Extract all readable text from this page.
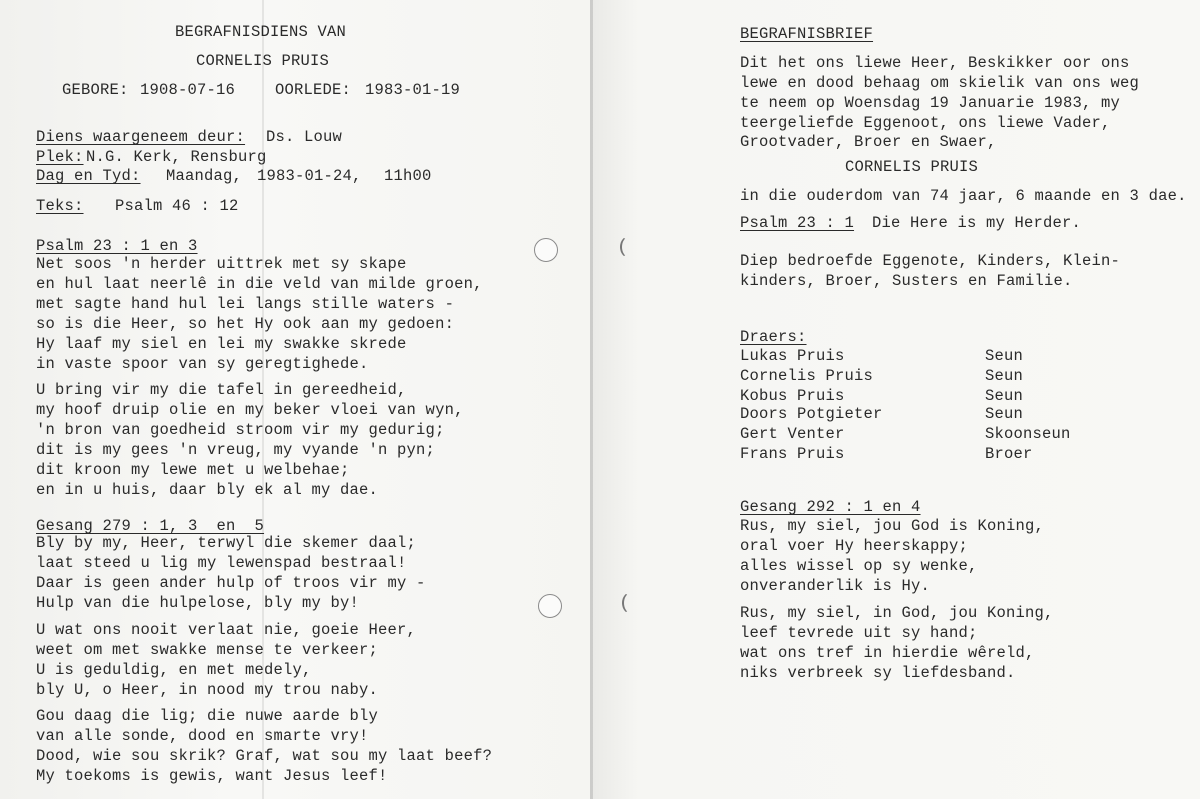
BEGRAFNISDIENS VAN
CORNELIS PRUIS
GEBORE: 1908-07-16	OORLEDE: 1983-01-19
Diens waargeneem deur: Ds. Louw
Plek: N.G. Kerk, Rensburg
Dag en Tyd: Maandag, 1983-01-24, 11h00
Teks: Psalm 46 : 12
Psalm 23 : 1 en 3
Net soos 'n herder uittrek met sy skape
en hul laat neerlê in die veld van milde groen,
met sagte hand hul lei langs stille waters -
so is die Heer, so het Hy ook aan my gedoen:
Hy laaf my siel en lei my swakke skrede
in vaste spoor van sy geregtighede.
U bring vir my die tafel in gereedheid,
my hoof druip olie en my beker vloei van wyn,
'n bron van goedheid stroom vir my gedurig;
dit is my gees 'n vreug, my vyande 'n pyn;
dit kroon my lewe met u welbehae;
en in u huis, daar bly ek al my dae.
Gesang 279 : 1, 3  en  5
Bly by my, Heer, terwyl die skemer daal;
laat steed u lig my lewenspad bestraal!
Daar is geen ander hulp of troos vir my -
Hulp van die hulpelose, bly my by!
U wat ons nooit verlaat nie, goeie Heer,
weet om met swakke mense te verkeer;
U is geduldig, en met medely,
bly U, o Heer, in nood my trou naby.
Gou daag die lig; die nuwe aarde bly
van alle sonde, dood en smarte vry!
Dood, wie sou skrik? Graf, wat sou my laat beef?
My toekoms is gewis, want Jesus leef!
BEGRAFNISBRIEF
Dit het ons liewe Heer, Beskikker oor ons
lewe en dood behaag om skielik van ons weg
te neem op Woensdag 19 Januarie 1983, my
teergeliefde Eggenoot, ons liewe Vader,
Grootvader, Broer en Swaer,
CORNELIS PRUIS
in die ouderdom van 74 jaar, 6 maande en 3 dae.
Psalm 23 : 1 Die Here is my Herder.
Diep bedroefde Eggenote, Kinders, Klein-
kinders, Broer, Susters en Familie.
Draers:
Lukas Pruis	Seun
Cornelis Pruis	Seun
Kobus Pruis	Seun
Doors Potgieter	Seun
Gert Venter	Skoonseun
Frans Pruis	Broer
Gesang 292 : 1 en 4
Rus, my siel, jou God is Koning,
oral voer Hy heerskappy;
alles wissel op sy wenke,
onveranderlik is Hy.
Rus, my siel, in God, jou Koning,
leef tevrede uit sy hand;
wat ons tref in hierdie wêreld,
niks verbreek sy liefdesband.
